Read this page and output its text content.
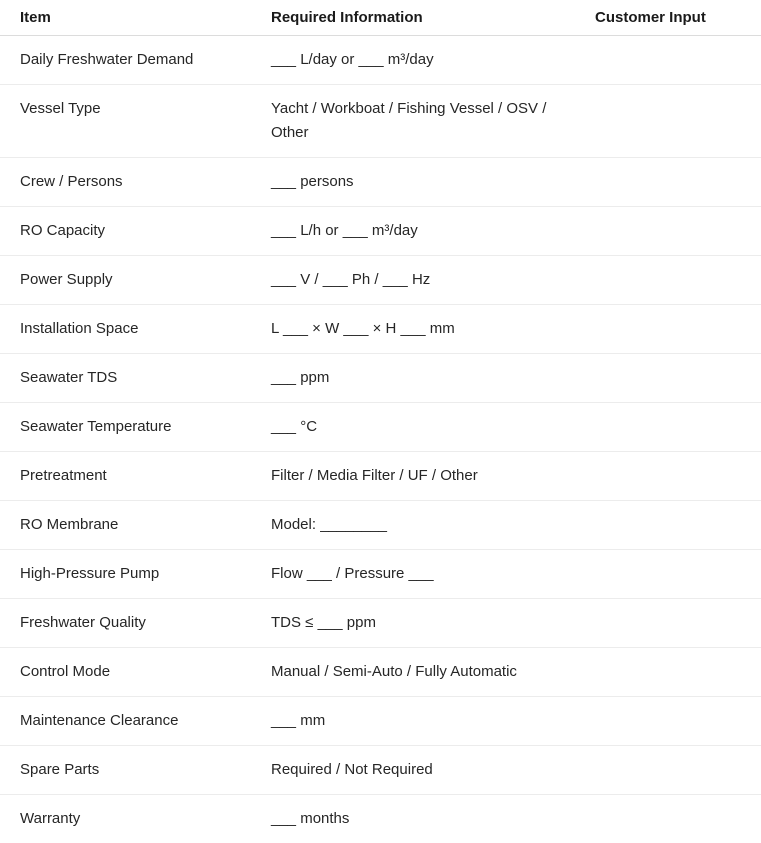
Item	Required Information	Customer Input
Daily Freshwater Demand	___ L/day or ___ m³/day	
Vessel Type	Yacht / Workboat / Fishing Vessel / OSV / Other	
Crew / Persons	___ persons	
RO Capacity	___ L/h or ___ m³/day	
Power Supply	___ V / ___ Ph / ___ Hz	
Installation Space	L ___ × W ___ × H ___ mm	
Seawater TDS	___ ppm	
Seawater Temperature	___ °C	
Pretreatment	Filter / Media Filter / UF / Other	
RO Membrane	Model: ________	
High-Pressure Pump	Flow ___ / Pressure ___	
Freshwater Quality	TDS ≤ ___ ppm	
Control Mode	Manual / Semi-Auto / Fully Automatic	
Maintenance Clearance	___ mm	
Spare Parts	Required / Not Required	
Warranty	___ months	
